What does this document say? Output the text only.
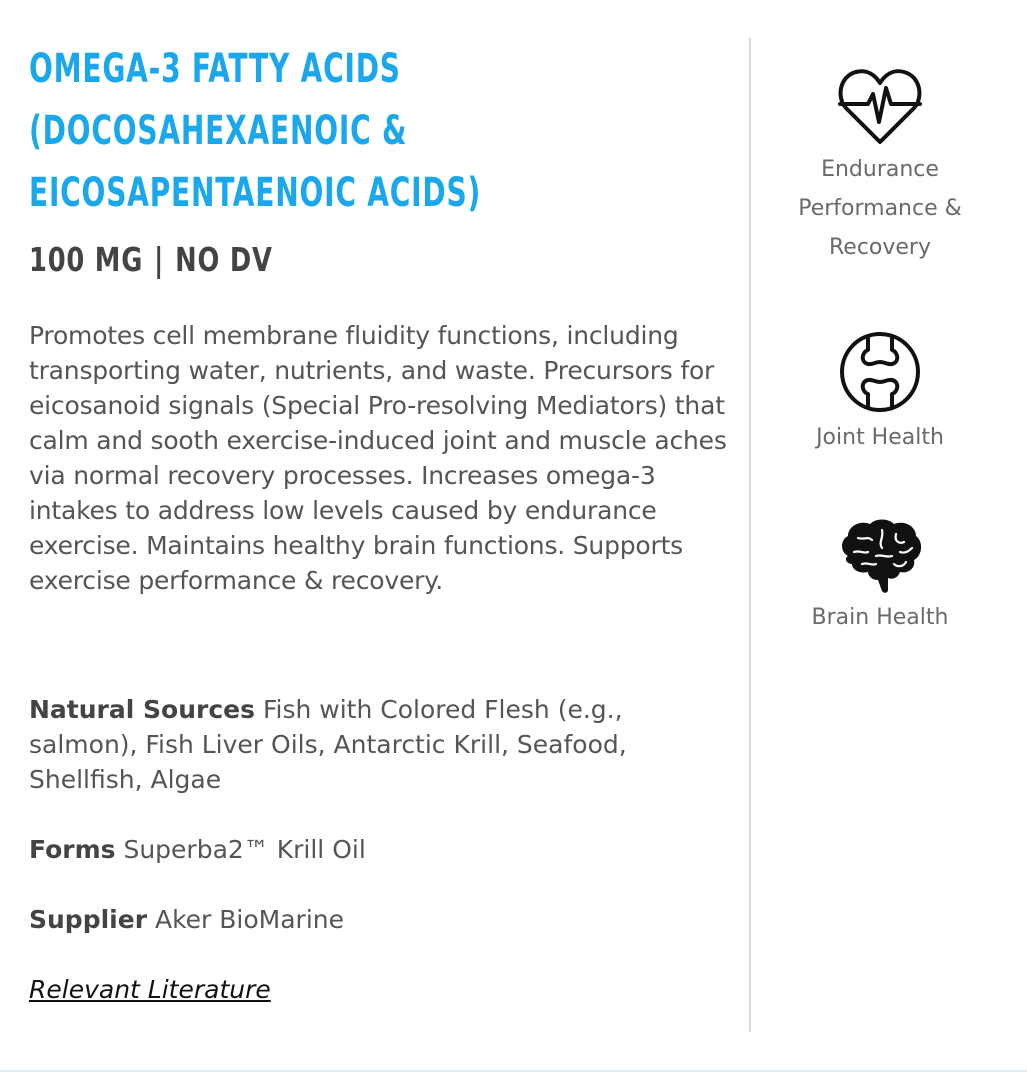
OMEGA-3 FATTY ACIDS
(DOCOSAHEXAENOIC &
EICOSAPENTAENOIC ACIDS)
100 MG | NO DV

Promotes cell membrane fluidity functions, including transporting water, nutrients, and waste. Precursors for eicosanoid signals (Special Pro-resolving Mediators) that calm and sooth exercise-induced joint and muscle aches via normal recovery processes. Increases omega-3 intakes to address low levels caused by endurance exercise. Maintains healthy brain functions. Supports exercise performance & recovery.

Natural Sources Fish with Colored Flesh (e.g., salmon), Fish Liver Oils, Antarctic Krill, Seafood, Shellfish, Algae

Forms Superba2™ Krill Oil

Supplier Aker BioMarine

Relevant Literature
Endurance Performance & Recovery
Joint Health
Brain Health
